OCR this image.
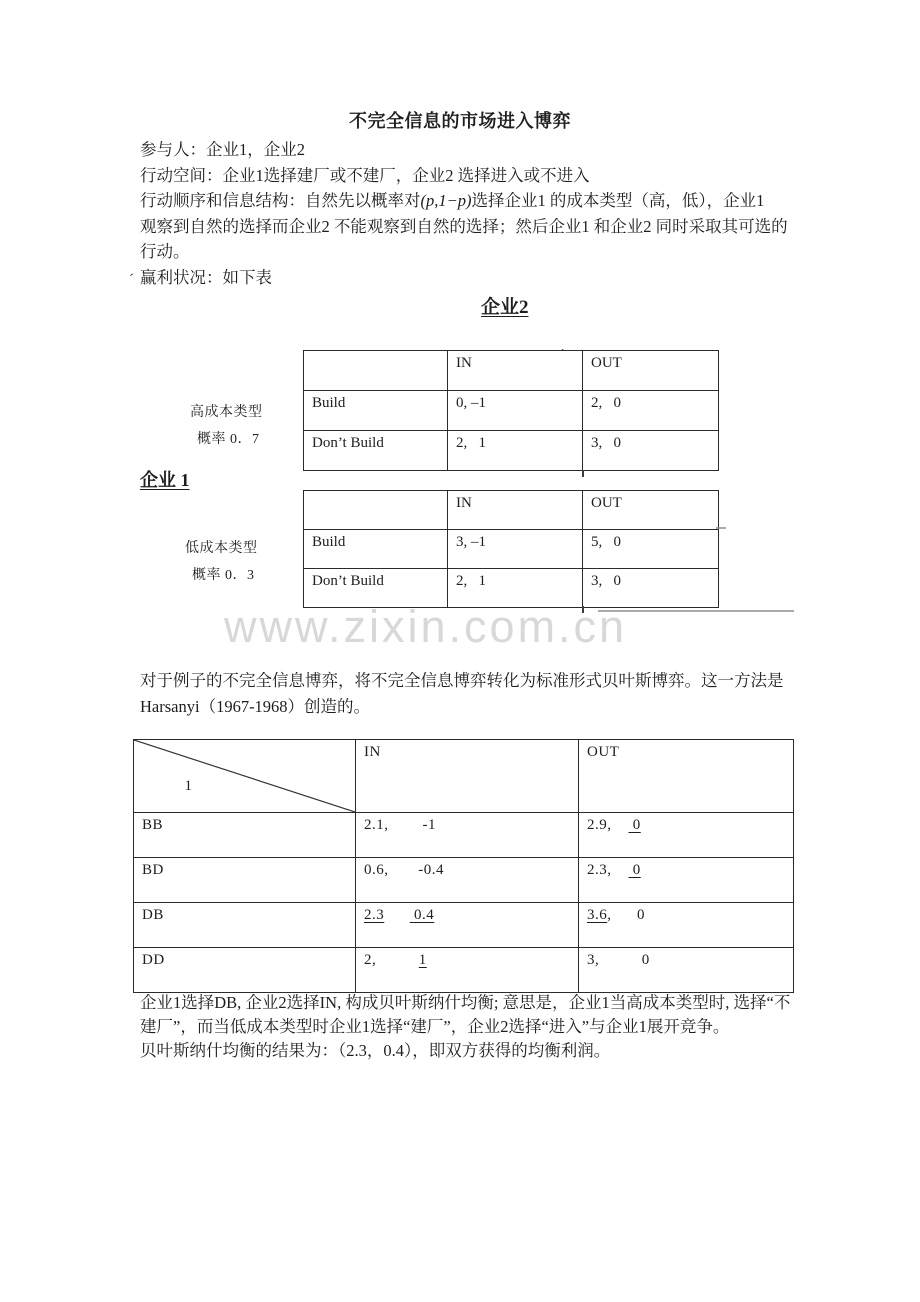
不完全信息的市场进入博弈
参与人：企业1，企业2
行动空间：企业1选择建厂或不建厂，企业2 选择进入或不进入
行动顺序和信息结构：自然先以概率对(p,1−p)选择企业1 的成本类型（高，低），企业1
观察到自然的选择而企业2 不能观察到自然的选择；然后企业1 和企业2 同时采取其可选的
行动。
赢利状况：如下表
´
企业2
	IN	OUT
Build	0, –1	2,   0
Don’t Build	2,   1	3,   0
´
高成本类型
概率 0．7
企业 1
	IN	OUT
Build	3, –1	5,   0
Don’t Build	2,   1	3,   0
低成本类型
概率 0．3
www.zixin.com.cn
对于例子的不完全信息博弈，将不完全信息博弈转化为标准形式贝叶斯博弈。这一方法是
Harsanyi（1967-1968）创造的。

1	IN	OUT
BB	2.1,        -1	2.9,     0
BD	0.6,       -0.4	2.3,     0
DB	2.3       0.4	3.6,      0
DD	2,          1	3,          0
企业1选择DB, 企业2选择IN, 构成贝叶斯纳什均衡; 意思是，企业1当高成本类型时, 选择“不
建厂”，而当低成本类型时企业1选择“建厂”，企业2选择“进入”与企业1展开竞争。
贝叶斯纳什均衡的结果为：（2.3，0.4），即双方获得的均衡利润。
